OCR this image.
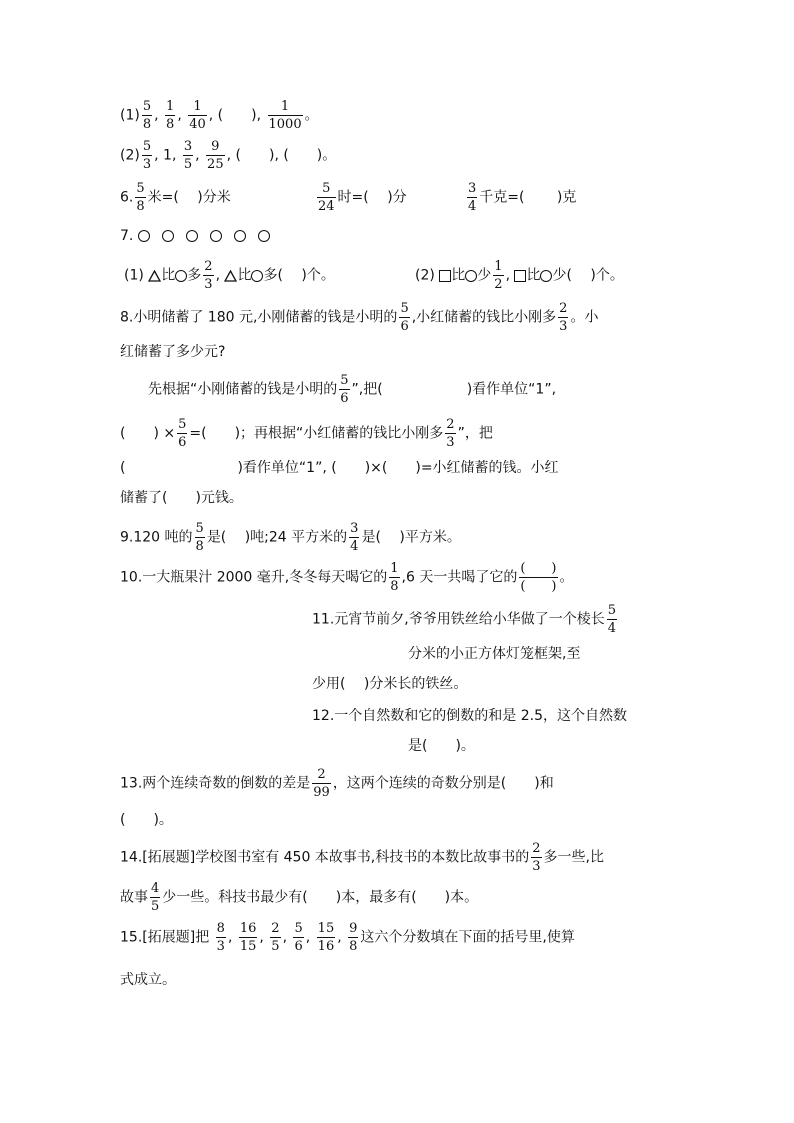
$(1) \frac{5}{8}$ , $\frac{1}{8}$ , $\frac{1}{40}$ , (　　), $\frac{1}{1000}$ 。
$(2) \frac{5}{3}$ , 1, $\frac{3}{5}$ , $\frac{9}{25}$ , (　　), (　　)。
6. $\frac{5}{8}$ 米=(　 )分米	$\frac{5}{24}$ 时=(　 )分	$\frac{3}{4}$ 千克=(　 　)克
7.
(1) 比 多 $\frac{2}{3}$ , 比 多(　 )个。	(2) 比 少 $\frac{1}{2}$ , 比 少(　 )个。
8.小明储蓄了 180 元,小刚储蓄的钱是小明的 $\frac{5}{6}$ ,小红储蓄的钱比小刚多 $\frac{2}{3}$ 。小
红储蓄了多少元?
先根据“小刚储蓄的钱是小明的 $\frac{5}{6}$ ”,把(　　　　　　)看作单位“1”,
(　　) × $\frac{5}{6}$ =(　　)；再根据“小红储蓄的钱比小刚多 $\frac{2}{3}$ ”，把
(　　　　　　　　)看作单位“1”, (　　)×(　　)=小红储蓄的钱。小红
储蓄了(　　)元钱。
9.120 吨的 $\frac{5}{8}$ 是(　 )吨;24 平方米的 $\frac{3}{4}$ 是(　 )平方米。
10.一大瓶果汁 2000 毫升,冬冬每天喝它的 $\frac{1}{8} ,6$ 天一共喝了它的 $\frac{( )}{( )}$ 。
11.元宵节前夕,爷爷用铁丝给小华做了一个棱长 $\frac{5}{4}$
分米的小正方体灯笼框架,至
少用(　 )分米长的铁丝。
12.一个自然数和它的倒数的和是 2.5，这个自然数
是(　　)。
13.两个连续奇数的倒数的差是 $\frac{2}{99}$ ，这两个连续的奇数分别是(　　)和
(　　)。
14.[拓展题]学校图书室有 450 本故事书,科技书的本数比故事书的 $\frac{2}{3}$ 多一些,比
故事 $\frac{4}{5}$ 少一些。科技书最少有(　　)本，最多有(　　)本。
15.[拓展题]把 $\frac{8}{3}$ , $\frac{16}{15}$ , $\frac{2}{5}$ , $\frac{5}{6}$ , $\frac{15}{16}$ , $\frac{9}{8}$ 这六个分数填在下面的括号里,使算
式成立。
